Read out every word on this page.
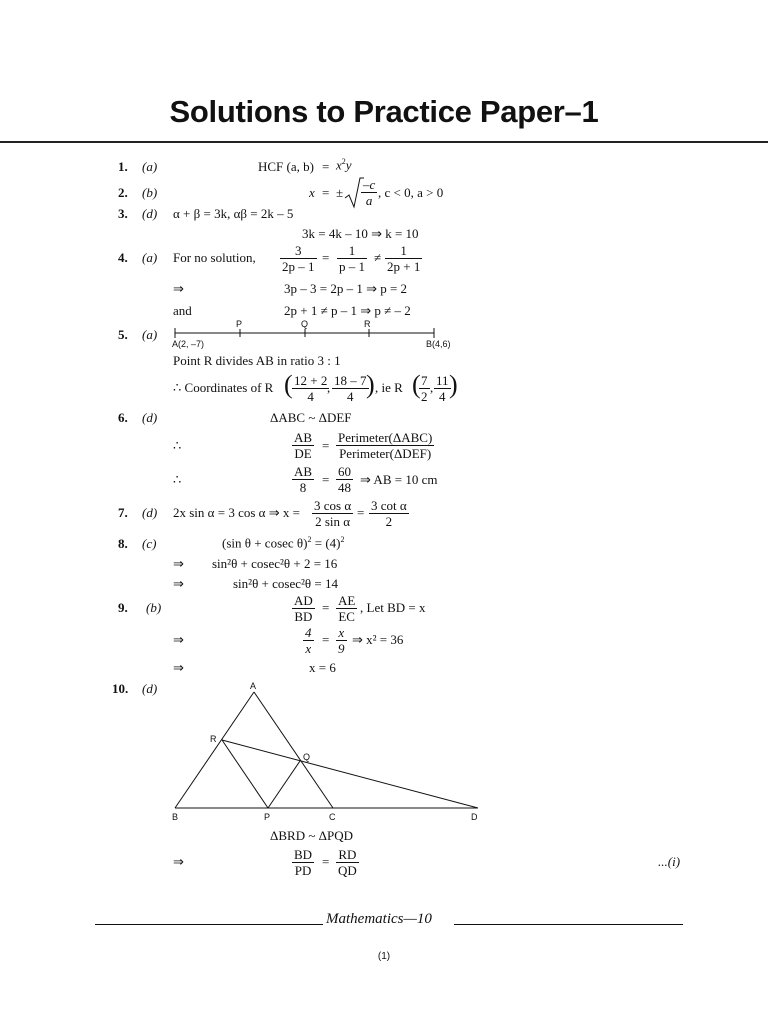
Solutions to Practice Paper–1
1. (a)	HCF (a, $b) = x^2y$
2. (b)	x = ± $\frac{-c}{a}$ , c < 0, a > 0
3. (d) α + β = 3k, αβ = 2k – 5
3k = 4k – 10 ⇒ k = 10
4. (a) For no solution, $\frac{3}{2p - 1} = \frac{1}{p - 1} \ne \frac{1}{2p + 1}$
⇒	3p – 3 = 2p – 1 ⇒ p = 2
and	2p + 1 ≠ p – 1 ⇒ p ≠ – 2
5. (a)
P	Q	R
A(2, –7)	B(4,6)
Point R divides AB in ratio 3 : 1
∴ Coordinates of R ( $\frac{12 + 2}{4}$
, $\frac{18 - 7}{4}$
) , ie R (
$\frac{7}{2}$ , $\frac{11}{4}$
)
6. (d)	ΔABC ~ ΔDEF
∴	$\frac{AB}{DE}$ =
Perimeter(ΔABC)
Perimeter(ΔDEF)
∴	$\frac{AB}{8} = \frac{60}{48}$ ⇒ AB = 10 cm
7. (d) 2x sin α = 3 cos α ⇒ $x = \frac{\text{3 cos α}}{\text{2 sin α}} = \frac{\text{3 cot α}}{2}$
8. (c)	(sin θ + cosec $\theta)^2 = (4)^2$
⇒ sin²θ + cosec²θ + 2 = 16
⇒	sin²θ + cosec²θ = 14
9. (b)	$\frac{AD}{BD} = \frac{AE}{EC}$ , Let BD = x
⇒	$\frac{4}{x} = \frac{x}{9}$ ⇒ x² = 36
⇒	x = 6
10. (d)	A
R
Q
B	P	C	D
ΔBRD ~ ΔPQD
⇒	$\frac{BD}{PD} = \frac{RD}{QD}$	...(i)
Mathematics—10
(1)
